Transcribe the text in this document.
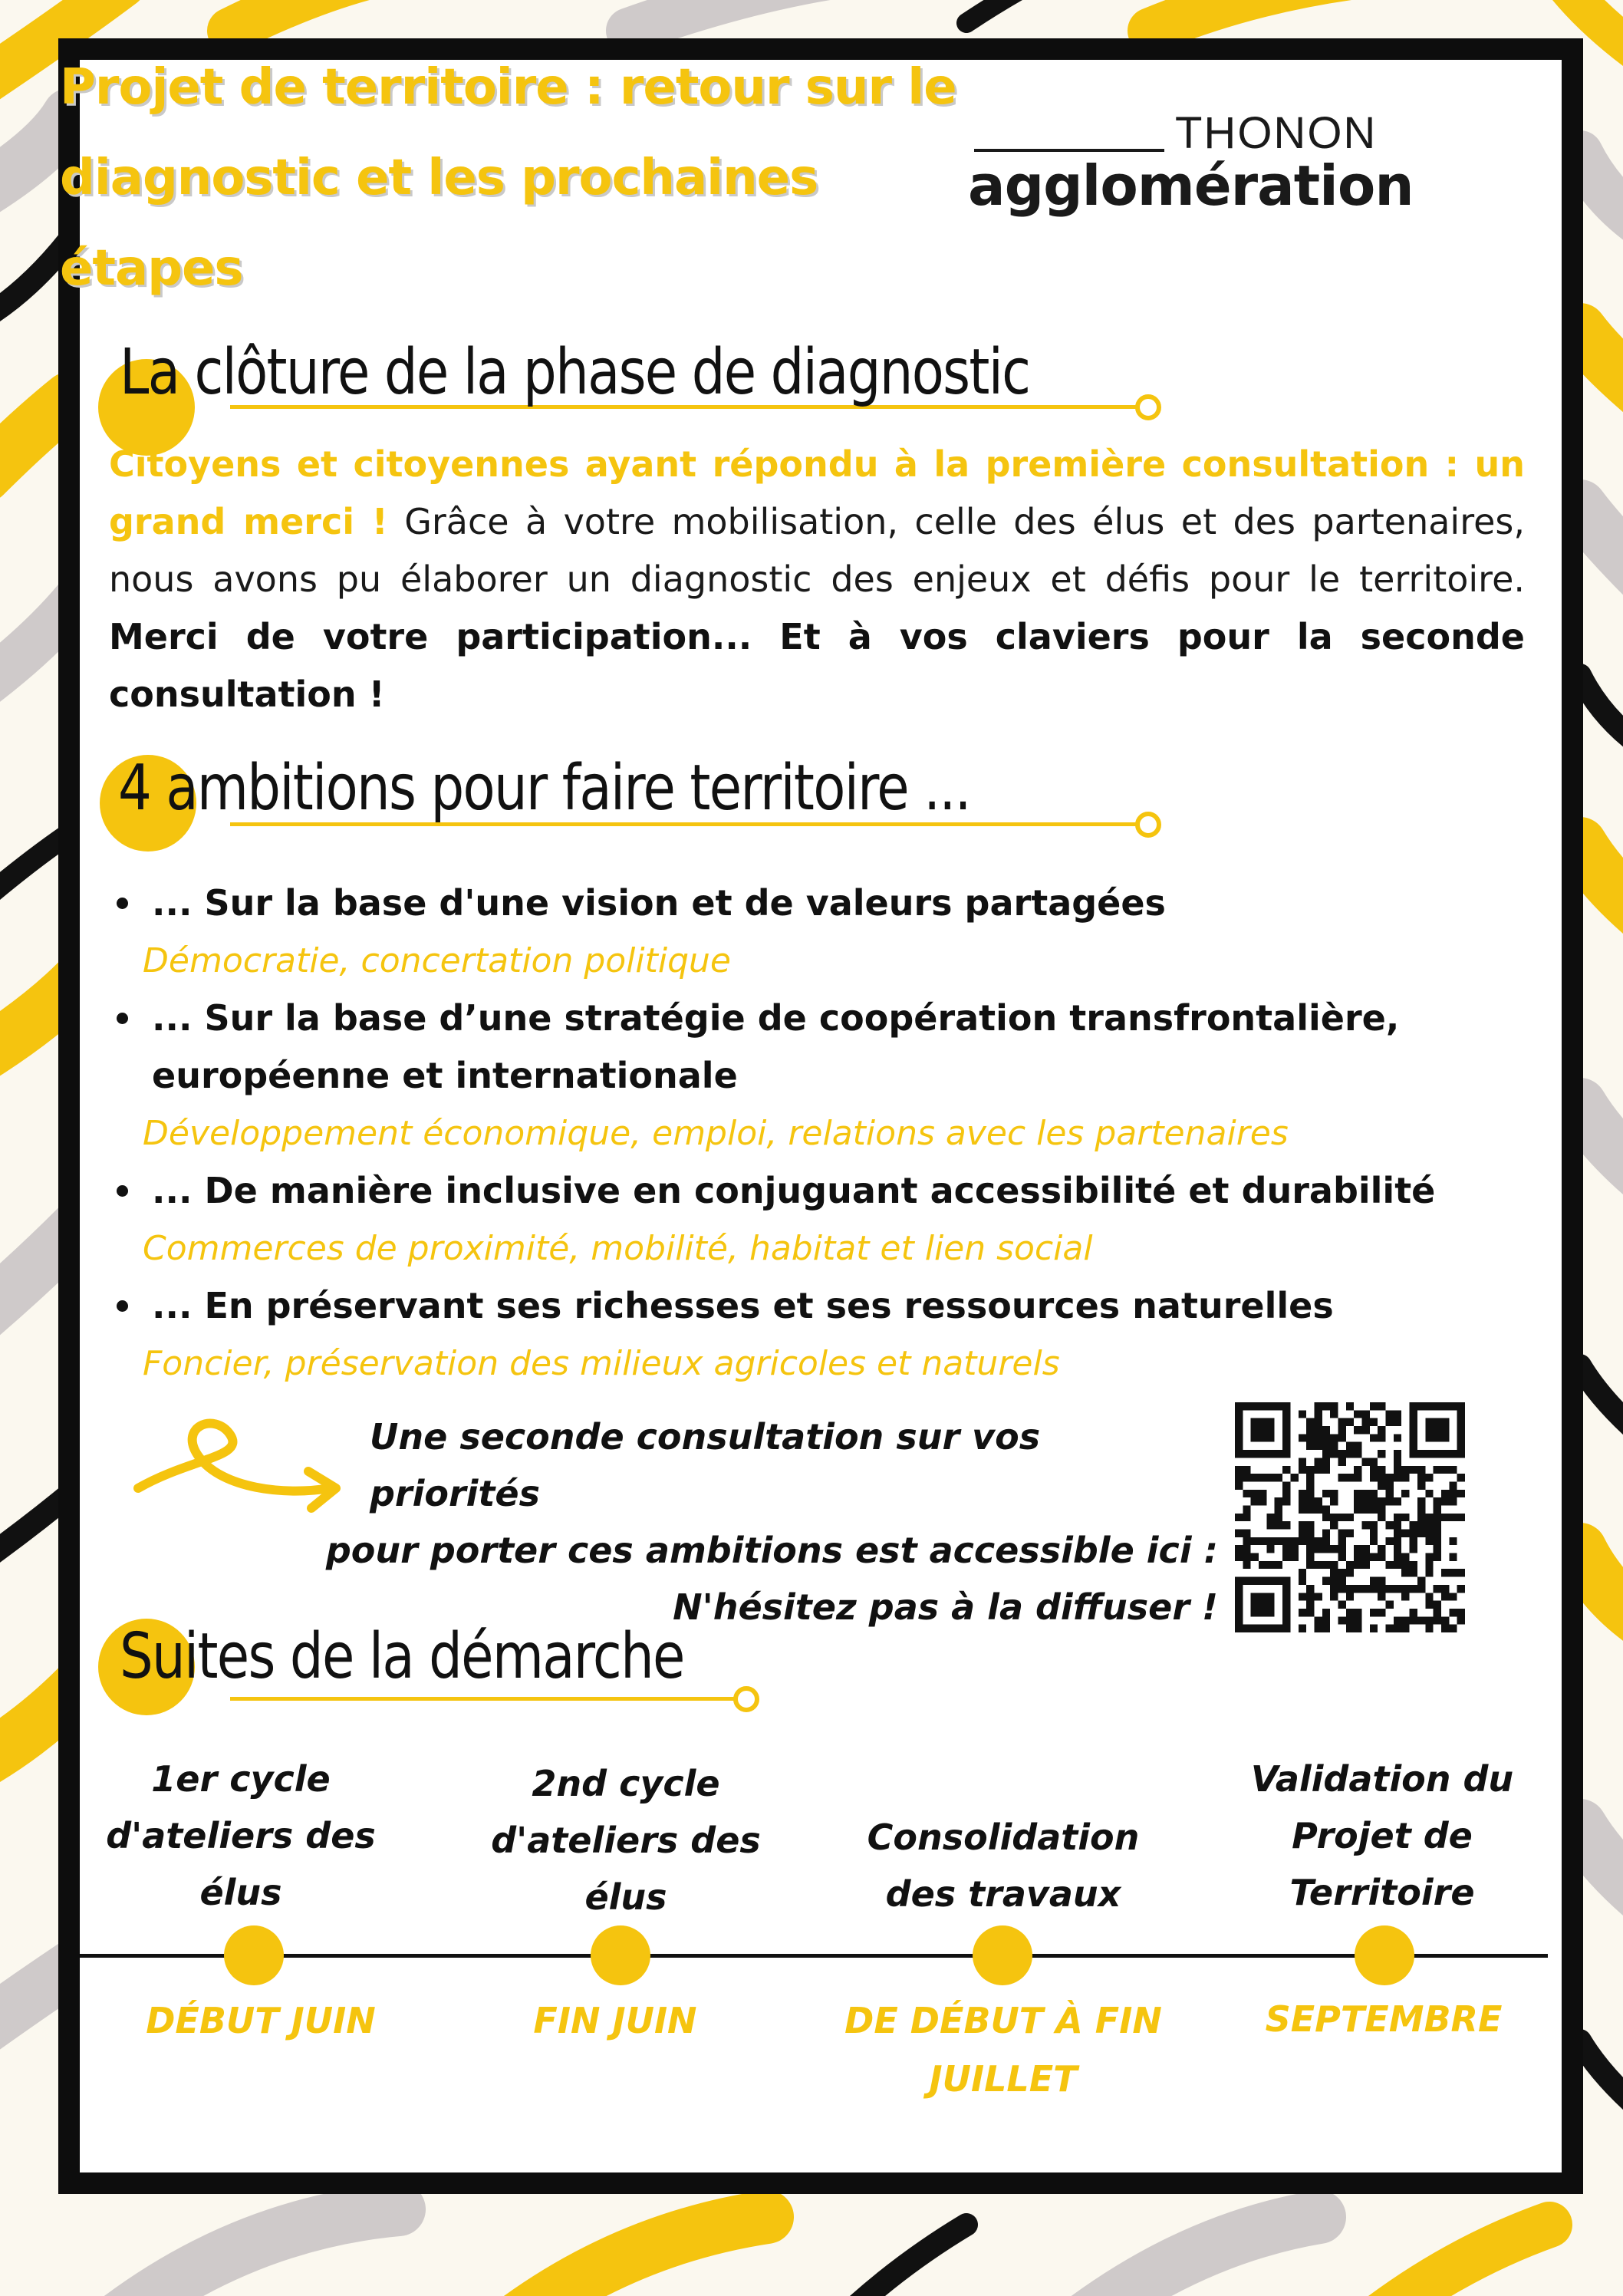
Projet de territoire : retour sur le diagnostic et les prochaines étapes
THONON
agglomération
La clôture de la phase de diagnostic
Citoyens et citoyennes ayant répondu à la première consultation : un grand merci ! Grâce à votre mobilisation, celle des élus et des partenaires, nous avons pu élaborer un diagnostic des enjeux et défis pour le territoire. Merci de votre participation... Et à vos claviers pour la seconde consultation !
4 ambitions pour faire territoire ...
... Sur la base d'une vision et de valeurs partagées
Démocratie, concertation politique
... Sur la base d’une stratégie de coopération transfrontalière, européenne et internationale
Développement économique, emploi, relations avec les partenaires
... De manière inclusive en conjuguant accessibilité et durabilité
Commerces de proximité, mobilité, habitat et lien social
... En préservant ses richesses et ses ressources naturelles
Foncier, préservation des milieux agricoles et naturels
Une seconde consultation sur vos priorités
pour porter ces ambitions est accessible ici :
N'hésitez pas à la diffuser !
Suites de la démarche
1er cycle d'ateliers des élus
2nd cycle d'ateliers des élus
Consolidation des travaux
Validation du Projet de Territoire
DÉBUT JUIN	FIN JUIN	DE DÉBUT À FIN JUILLET
SEPTEMBRE
